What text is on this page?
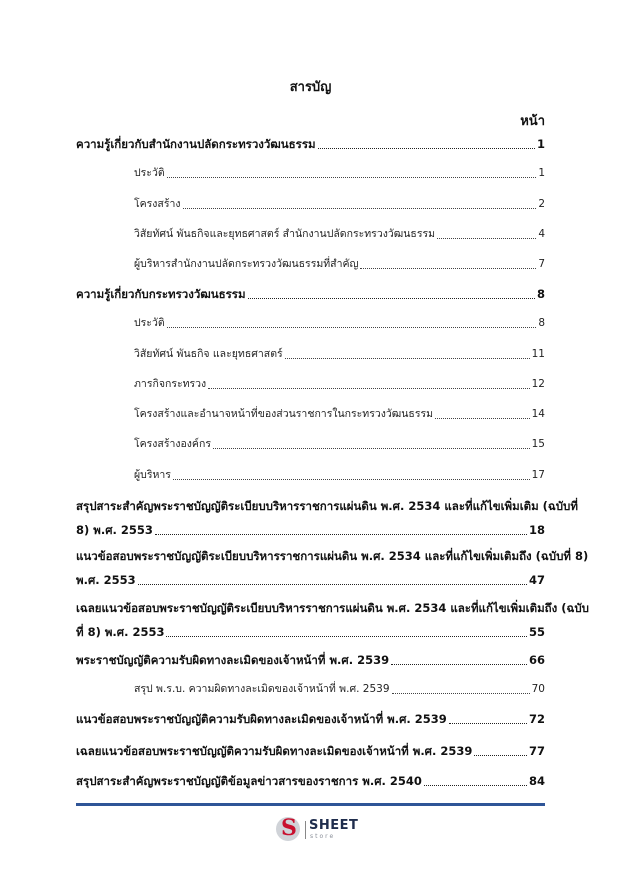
สารบัญ
หน้า
ความรู้เกี่ยวกับสำนักงานปลัดกระทรวงวัฒนธรรม	1
ประวัติ	1
โครงสร้าง	2
วิสัยทัศน์ พันธกิจและยุทธศาสตร์ สำนักงานปลัดกระทรวงวัฒนธรรม	4
ผู้บริหารสำนักงานปลัดกระทรวงวัฒนธรรมที่สำคัญ	7
ความรู้เกี่ยวกับกระทรวงวัฒนธรรม	8
ประวัติ	8
วิสัยทัศน์ พันธกิจ และยุทธศาสตร์	11
ภารกิจกระทรวง	12
โครงสร้างและอำนาจหน้าที่ของส่วนราชการในกระทรวงวัฒนธรรม	14
โครงสร้างองค์กร	15
ผู้บริหาร	17
สรุปสาระสำคัญพระราชบัญญัติระเบียบบริหารราชการแผ่นดิน พ.ศ. 2534 และที่แก้ไขเพิ่มเติม (ฉบับที่
8) พ.ศ. 2553	18
แนวข้อสอบพระราชบัญญัติระเบียบบริหารราชการแผ่นดิน พ.ศ. 2534 และที่แก้ไขเพิ่มเติมถึง (ฉบับที่ 8)
พ.ศ. 2553	47
เฉลยแนวข้อสอบพระราชบัญญัติระเบียบบริหารราชการแผ่นดิน พ.ศ. 2534 และที่แก้ไขเพิ่มเติมถึง (ฉบับ
ที่ 8) พ.ศ. 2553	55
พระราชบัญญัติความรับผิดทางละเมิดของเจ้าหน้าที่ พ.ศ. 2539	66
สรุป พ.ร.บ. ความผิดทางละเมิดของเจ้าหน้าที่ พ.ศ. 2539	70
แนวข้อสอบพระราชบัญญัติความรับผิดทางละเมิดของเจ้าหน้าที่ พ.ศ. 2539	72
เฉลยแนวข้อสอบพระราชบัญญัติความรับผิดทางละเมิดของเจ้าหน้าที่ พ.ศ. 2539	77
สรุปสาระสำคัญพระราชบัญญัติข้อมูลข่าวสารของราชการ พ.ศ. 2540	84
S SHEET
store
